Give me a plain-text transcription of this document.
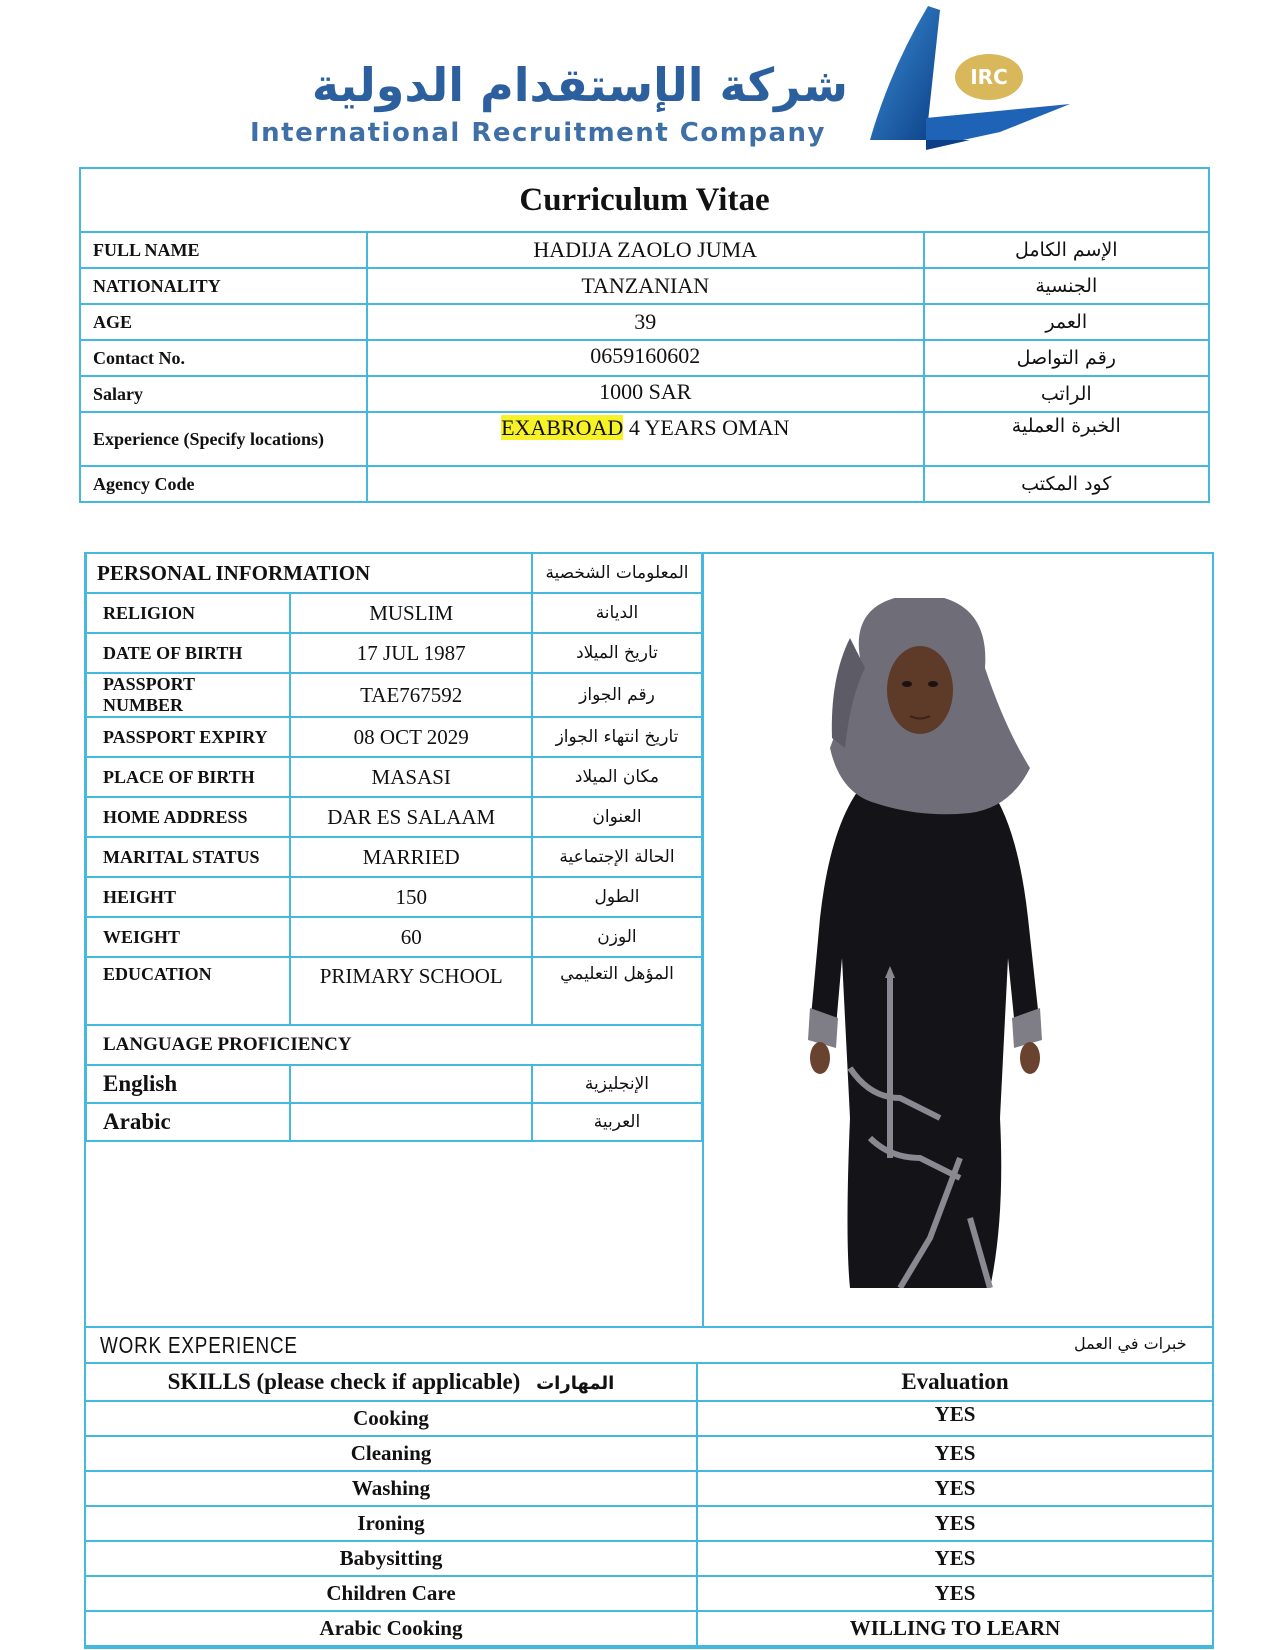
شركة الإستقدام الدولية
International Recruitment Company
IRC
Curriculum Vitae		
FULL NAME	HADIJA ZAOLO JUMA	الإسم الكامل
NATIONALITY	TANZANIAN	الجنسية
AGE	39	العمر
Contact No.	0659160602	رقم التواصل
Salary	1000 SAR	الراتب
Experience (Specify locations)	EXABROAD 4 YEARS OMAN	الخبرة العملية
Agency Code		كود المكتب
PERSONAL INFORMATION		المعلومات الشخصية
RELIGION	MUSLIM	الديانة
DATE OF BIRTH	17 JUL 1987	تاريخ الميلاد
PASSPORT NUMBER	TAE767592	رقم الجواز
PASSPORT EXPIRY	08 OCT 2029	تاريخ انتهاء الجواز
PLACE OF BIRTH	MASASI	مكان الميلاد
HOME ADDRESS	DAR ES SALAAM	العنوان
MARITAL STATUS	MARRIED	الحالة الإجتماعية
HEIGHT	150	الطول
WEIGHT	60	الوزن
EDUCATION	PRIMARY SCHOOL	المؤهل التعليمي
LANGUAGE PROFICIENCY		
English		الإنجليزية
Arabic		العربية
WORK EXPERIENCE	خبرات في العمل
SKILLS (please check if applicable) المهارات	Evaluation
Cooking	YES
Cleaning	YES
Washing	YES
Ironing	YES
Babysitting	YES
Children Care	YES
Arabic Cooking	WILLING TO LEARN
